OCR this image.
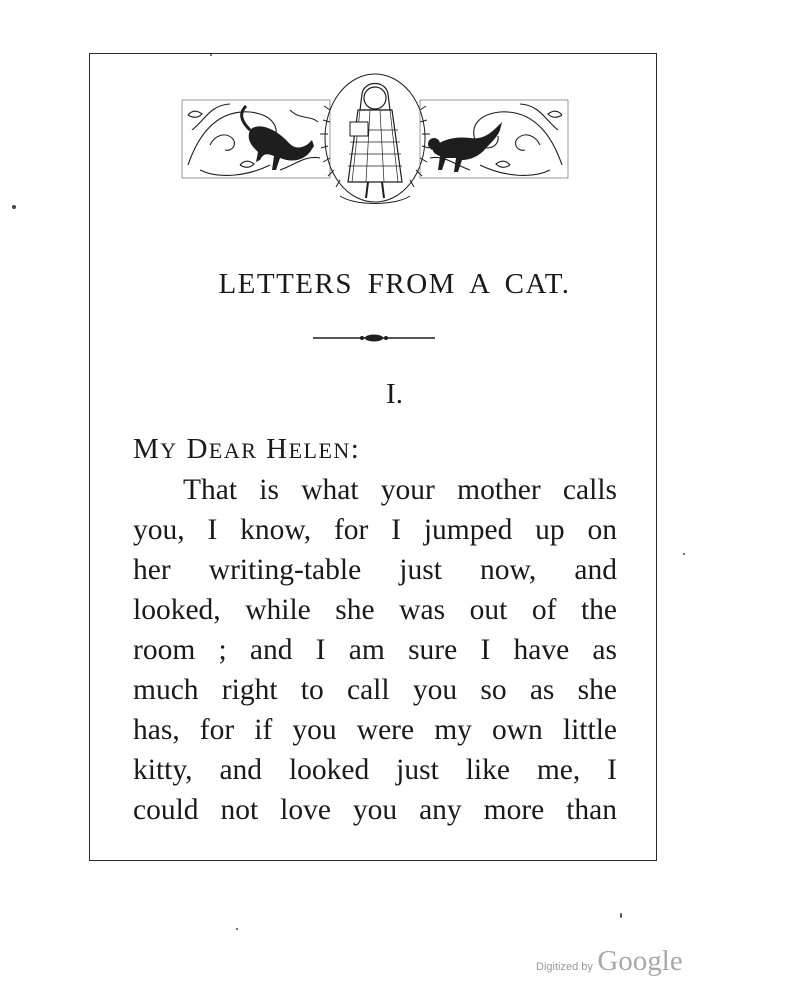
LETTERS FROM A CAT.
I.
MY DEAR HELEN:
That is what your mother calls
you, I know, for I jumped up on
her writing-table just now, and
looked, while she was out of the
room ; and I am sure I have as
much right to call you so as she
has, for if you were my own little
kitty, and looked just like me, I
could not love you any more than
Digitized by Google
